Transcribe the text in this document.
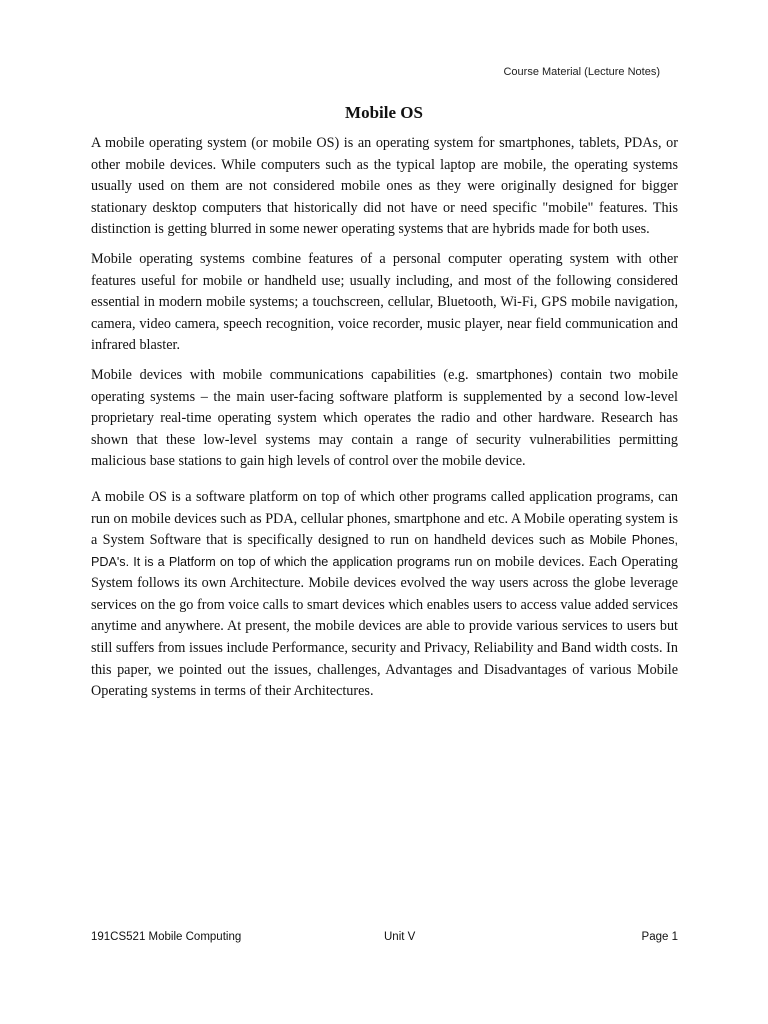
Course Material (Lecture Notes)
Mobile OS

A mobile operating system (or mobile OS) is an operating system for smartphones, tablets, PDAs, or other mobile devices. While computers such as the typical laptop are mobile, the operating systems usually used on them are not considered mobile ones as they were originally designed for bigger stationary desktop computers that historically did not have or need specific "mobile" features. This distinction is getting blurred in some newer operating systems that are hybrids made for both uses.

Mobile operating systems combine features of a personal computer operating system with other features useful for mobile or handheld use; usually including, and most of the following considered essential in modern mobile systems; a touchscreen, cellular, Bluetooth, Wi-Fi, GPS mobile navigation, camera, video camera, speech recognition, voice recorder, music player, near field communication and infrared blaster.

Mobile devices with mobile communications capabilities (e.g. smartphones) contain two mobile operating systems – the main user-facing software platform is supplemented by a second low-level proprietary real-time operating system which operates the radio and other hardware. Research has shown that these low-level systems may contain a range of security vulnerabilities permitting malicious base stations to gain high levels of control over the mobile device.

A mobile OS is a software platform on top of which other programs called application programs, can run on mobile devices such as PDA, cellular phones, smartphone and etc. A Mobile operating system is a System Software that is specifically designed to run on handheld devices such as Mobile Phones, PDA's. It is a Platform on top of which the application programs run on mobile devices. Each Operating System follows its own Architecture. Mobile devices evolved the way users across the globe leverage services on the go from voice calls to smart devices which enables users to access value added services anytime and anywhere. At present, the mobile devices are able to provide various services to users but still suffers from issues include Performance, security and Privacy, Reliability and Band width costs. In this paper, we pointed out the issues, challenges, Advantages and Disadvantages of various Mobile Operating systems in terms of their Architectures.

191CS521 Mobile Computing	Unit V	Page 1
